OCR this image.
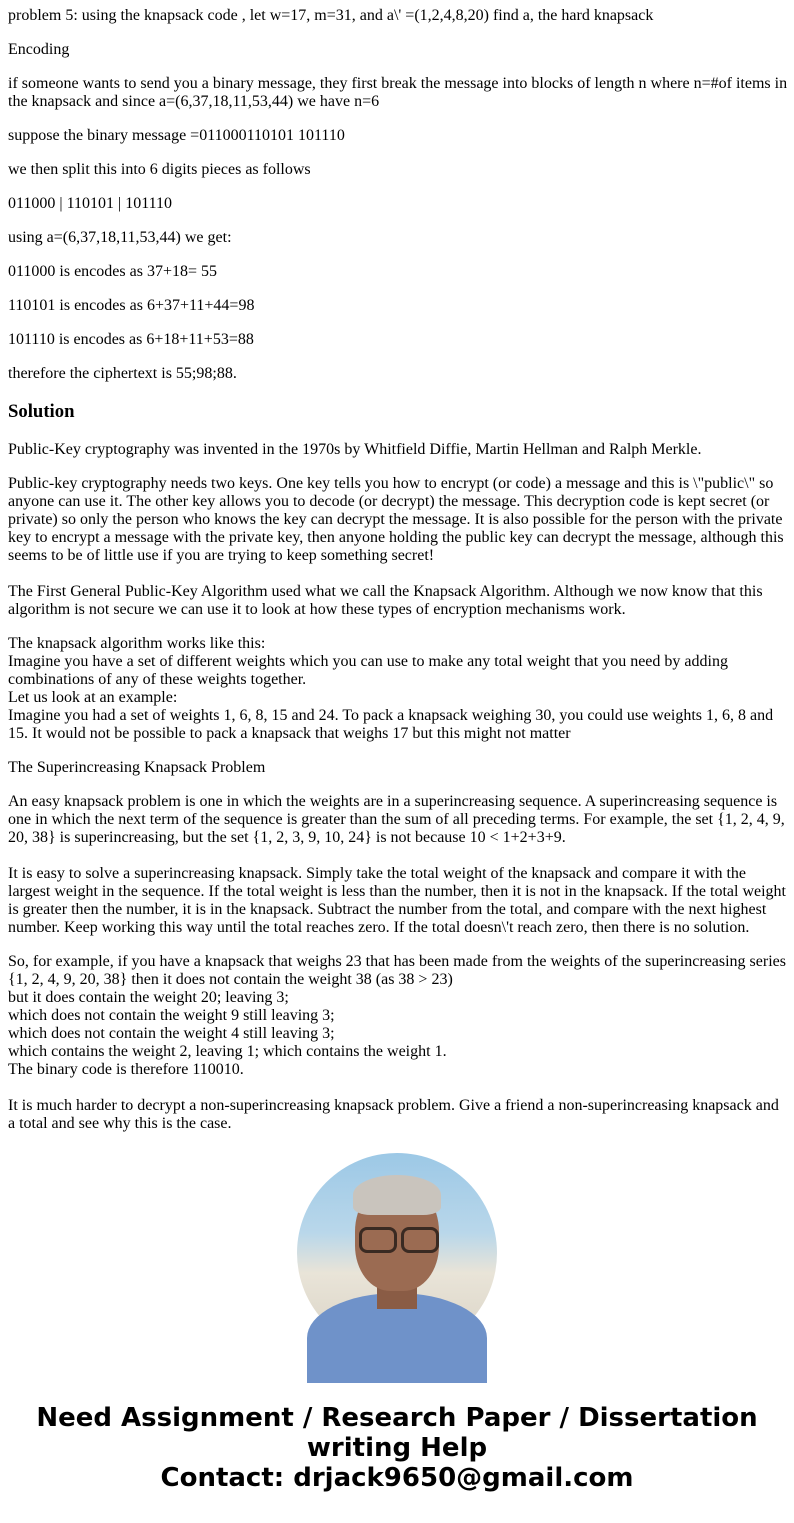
problem 5: using the knapsack code , let w=17, m=31, and a\' =(1,2,4,8,20) find a, the hard knapsack

Encoding

if someone wants to send you a binary message, they first break the message into blocks of length n where n=#of items in the knapsack and since a=(6,37,18,11,53,44) we have n=6

suppose the binary message =011000110101 101110

we then split this into 6 digits pieces as follows

011000 | 110101 | 101110

using a=(6,37,18,11,53,44) we get:

011000 is encodes as 37+18= 55

110101 is encodes as 6+37+11+44=98

101110 is encodes as 6+18+11+53=88

therefore the ciphertext is 55;98;88.

Solution

Public-Key cryptography was invented in the 1970s by Whitfield Diffie, Martin Hellman and Ralph Merkle.

Public-key cryptography needs two keys. One key tells you how to encrypt (or code) a message and this is \"public\" so anyone can use it. The other key allows you to decode (or decrypt) the message. This decryption code is kept secret (or private) so only the person who knows the key can decrypt the message. It is also possible for the person with the private key to encrypt a message with the private key, then anyone holding the public key can decrypt the message, although this seems to be of little use if you are trying to keep something secret!

The First General Public-Key Algorithm used what we call the Knapsack Algorithm. Although we now know that this algorithm is not secure we can use it to look at how these types of encryption mechanisms work.

The knapsack algorithm works like this:
Imagine you have a set of different weights which you can use to make any total weight that you need by adding combinations of any of these weights together.
Let us look at an example:
Imagine you had a set of weights 1, 6, 8, 15 and 24. To pack a knapsack weighing 30, you could use weights 1, 6, 8 and 15. It would not be possible to pack a knapsack that weighs 17 but this might not matter

The Superincreasing Knapsack Problem

An easy knapsack problem is one in which the weights are in a superincreasing sequence. A superincreasing sequence is one in which the next term of the sequence is greater than the sum of all preceding terms. For example, the set {1, 2, 4, 9, 20, 38} is superincreasing, but the set {1, 2, 3, 9, 10, 24} is not because 10 < 1+2+3+9.

It is easy to solve a superincreasing knapsack. Simply take the total weight of the knapsack and compare it with the largest weight in the sequence. If the total weight is less than the number, then it is not in the knapsack. If the total weight is greater then the number, it is in the knapsack. Subtract the number from the total, and compare with the next highest number. Keep working this way until the total reaches zero. If the total doesn\'t reach zero, then there is no solution.

So, for example, if you have a knapsack that weighs 23 that has been made from the weights of the superincreasing series {1, 2, 4, 9, 20, 38} then it does not contain the weight 38 (as 38 > 23)
but it does contain the weight 20; leaving 3;
which does not contain the weight 9 still leaving 3;
which does not contain the weight 4 still leaving 3;
which contains the weight 2, leaving 1; which contains the weight 1.
The binary code is therefore 110010.

It is much harder to decrypt a non-superincreasing knapsack problem. Give a friend a non-superincreasing knapsack and a total and see why this is the case.

Need Assignment / Research Paper / Dissertation writing Help
Contact: drjack9650@gmail.com
